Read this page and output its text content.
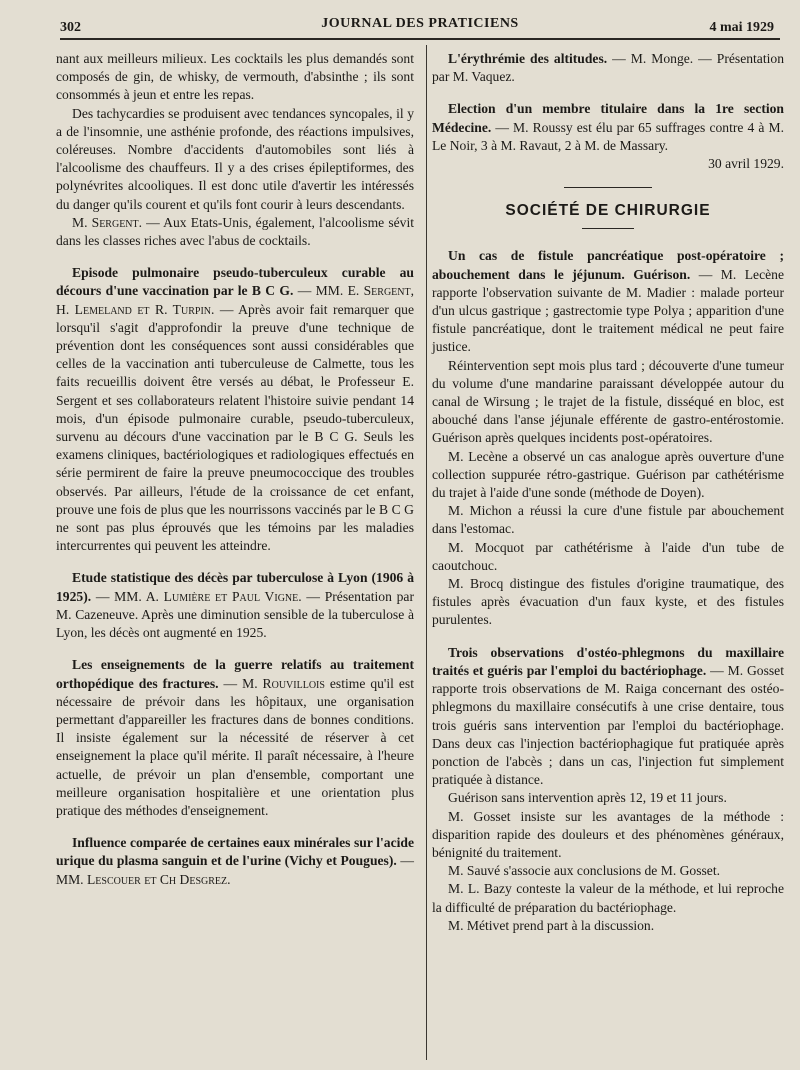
302	JOURNAL DES PRATICIENS	4 mai 1929

nant aux meilleurs milieux. Les cocktails les plus demandés sont composés de gin, de whisky, de vermouth, d'absinthe ; ils sont consommés à jeun et entre les repas.

Des tachycardies se produisent avec tendances syncopales, il y a de l'insomnie, une asthénie profonde, des réactions impulsives, coléreuses. Nombre d'accidents d'automobiles sont liés à l'alcoolisme des chauffeurs. Il y a des crises épileptiformes, des polynévrites alcooliques. Il est donc utile d'avertir les intéressés du danger qu'ils courent et qu'ils font courir à leurs descendants.

M. Sergent. — Aux Etats-Unis, également, l'alcoolisme sévit dans les classes riches avec l'abus de cocktails.

Episode pulmonaire pseudo-tuberculeux curable au décours d'une vaccination par le B C G. — MM. E. Sergent, H. Lemeland et R. Turpin. — Après avoir fait remarquer que lorsqu'il s'agit d'approfondir la preuve d'une technique de prévention dont les conséquences sont aussi considérables que celles de la vaccination anti tuberculeuse de Calmette, tous les faits recueillis doivent être versés au débat, le Professeur E. Sergent et ses collaborateurs relatent l'histoire suivie pendant 14 mois, d'un épisode pulmonaire curable, pseudo-tuberculeux, survenu au décours d'une vaccination par le B C G. Seuls les examens cliniques, bactériologiques et radiologiques effectués en série permirent de faire la preuve pneumococcique des troubles observés. Par ailleurs, l'étude de la croissance de cet enfant, prouve une fois de plus que les nourrissons vaccinés par le B C G ne sont pas plus éprouvés que les témoins par les maladies intercurrentes qui peuvent les atteindre.

Etude statistique des décès par tuberculose à Lyon (1906 à 1925). — MM. A. Lumière et Paul Vigne. — Présentation par M. Cazeneuve. Après une diminution sensible de la tuberculose à Lyon, les décès ont augmenté en 1925.

Les enseignements de la guerre relatifs au traitement orthopédique des fractures. — M. Rouvillois estime qu'il est nécessaire de prévoir dans les hôpitaux, une organisation permettant d'appareiller les fractures dans de bonnes conditions. Il insiste également sur la nécessité de réserver à cet enseignement la place qu'il mérite. Il paraît nécessaire, à l'heure actuelle, de prévoir un plan d'ensemble, comportant une meilleure organisation hospitalière et une orientation plus pratique des méthodes d'enseignement.

Influence comparée de certaines eaux minérales sur l'acide urique du plasma sanguin et de l'urine (Vichy et Pougues). — MM. Lescouer et Ch Desgrez.

L'érythrémie des altitudes. — M. Monge. — Présentation par M. Vaquez.

Election d'un membre titulaire dans la 1re section Médecine. — M. Roussy est élu par 65 suffrages contre 4 à M. Le Noir, 3 à M. Ravaut, 2 à M. de Massary.

30 avril 1929.

SOCIÉTÉ DE CHIRURGIE

Un cas de fistule pancréatique post-opératoire ; abouchement dans le jéjunum. Guérison. — M. Lecène rapporte l'observation suivante de M. Madier : malade porteur d'un ulcus gastrique ; gastrectomie type Polya ; apparition d'une fistule pancréatique, dont le traitement médical ne peut faire justice.

Réintervention sept mois plus tard ; découverte d'une tumeur du volume d'une mandarine paraissant développée autour du canal de Wirsung ; le trajet de la fistule, disséqué en bloc, est abouché dans l'anse jéjunale efférente de gastro-entérostomie. Guérison après quelques incidents post-opératoires.

M. Lecène a observé un cas analogue après ouverture d'une collection suppurée rétro-gastrique. Guérison par cathétérisme du trajet à l'aide d'une sonde (méthode de Doyen).

M. Michon a réussi la cure d'une fistule par abouchement dans l'estomac.

M. Mocquot par cathétérisme à l'aide d'un tube de caoutchouc.

M. Brocq distingue des fistules d'origine traumatique, des fistules après évacuation d'un faux kyste, et des fistules purulentes.

Trois observations d'ostéo-phlegmons du maxillaire traités et guéris par l'emploi du bactériophage. — M. Gosset rapporte trois observations de M. Raiga concernant des ostéo-phlegmons du maxillaire consécutifs à une crise dentaire, tous trois guéris sans intervention par l'emploi du bactériophage. Dans deux cas l'injection bactériophagique fut pratiquée après ponction de l'abcès ; dans un cas, l'injection fut simplement pratiquée à distance.

Guérison sans intervention après 12, 19 et 11 jours.

M. Gosset insiste sur les avantages de la méthode : disparition rapide des douleurs et des phénomènes généraux, bénignité du traitement.

M. Sauvé s'associe aux conclusions de M. Gosset.

M. L. Bazy conteste la valeur de la méthode, et lui reproche la difficulté de préparation du bactériophage.

M. Métivet prend part à la discussion.
